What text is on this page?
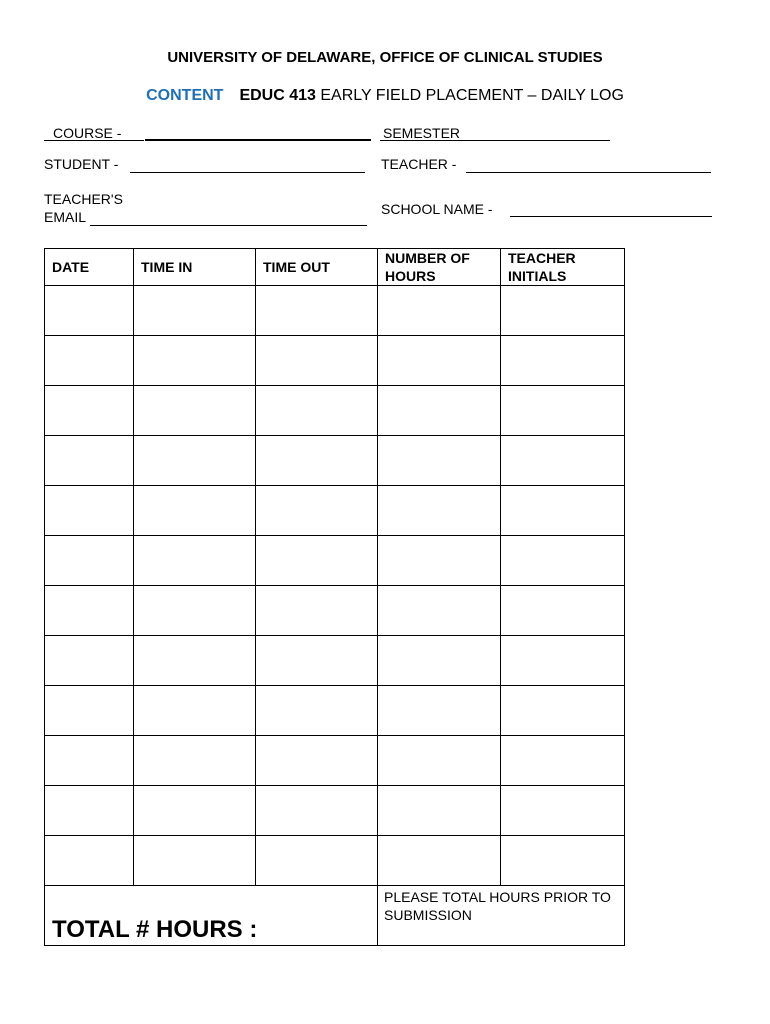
UNIVERSITY OF DELAWARE, OFFICE OF CLINICAL STUDIES
CONTENT EDUC 413 EARLY FIELD PLACEMENT – DAILY LOG
COURSE -	SEMESTER
STUDENT -	TEACHER -
TEACHER'S
EMAIL	SCHOOL NAME -
DATE	TIME IN	TIME OUT	NUMBER OF HOURS	TEACHER INITIALS

TOTAL # HOURS :			PLEASE TOTAL HOURS PRIOR TO SUBMISSION	
